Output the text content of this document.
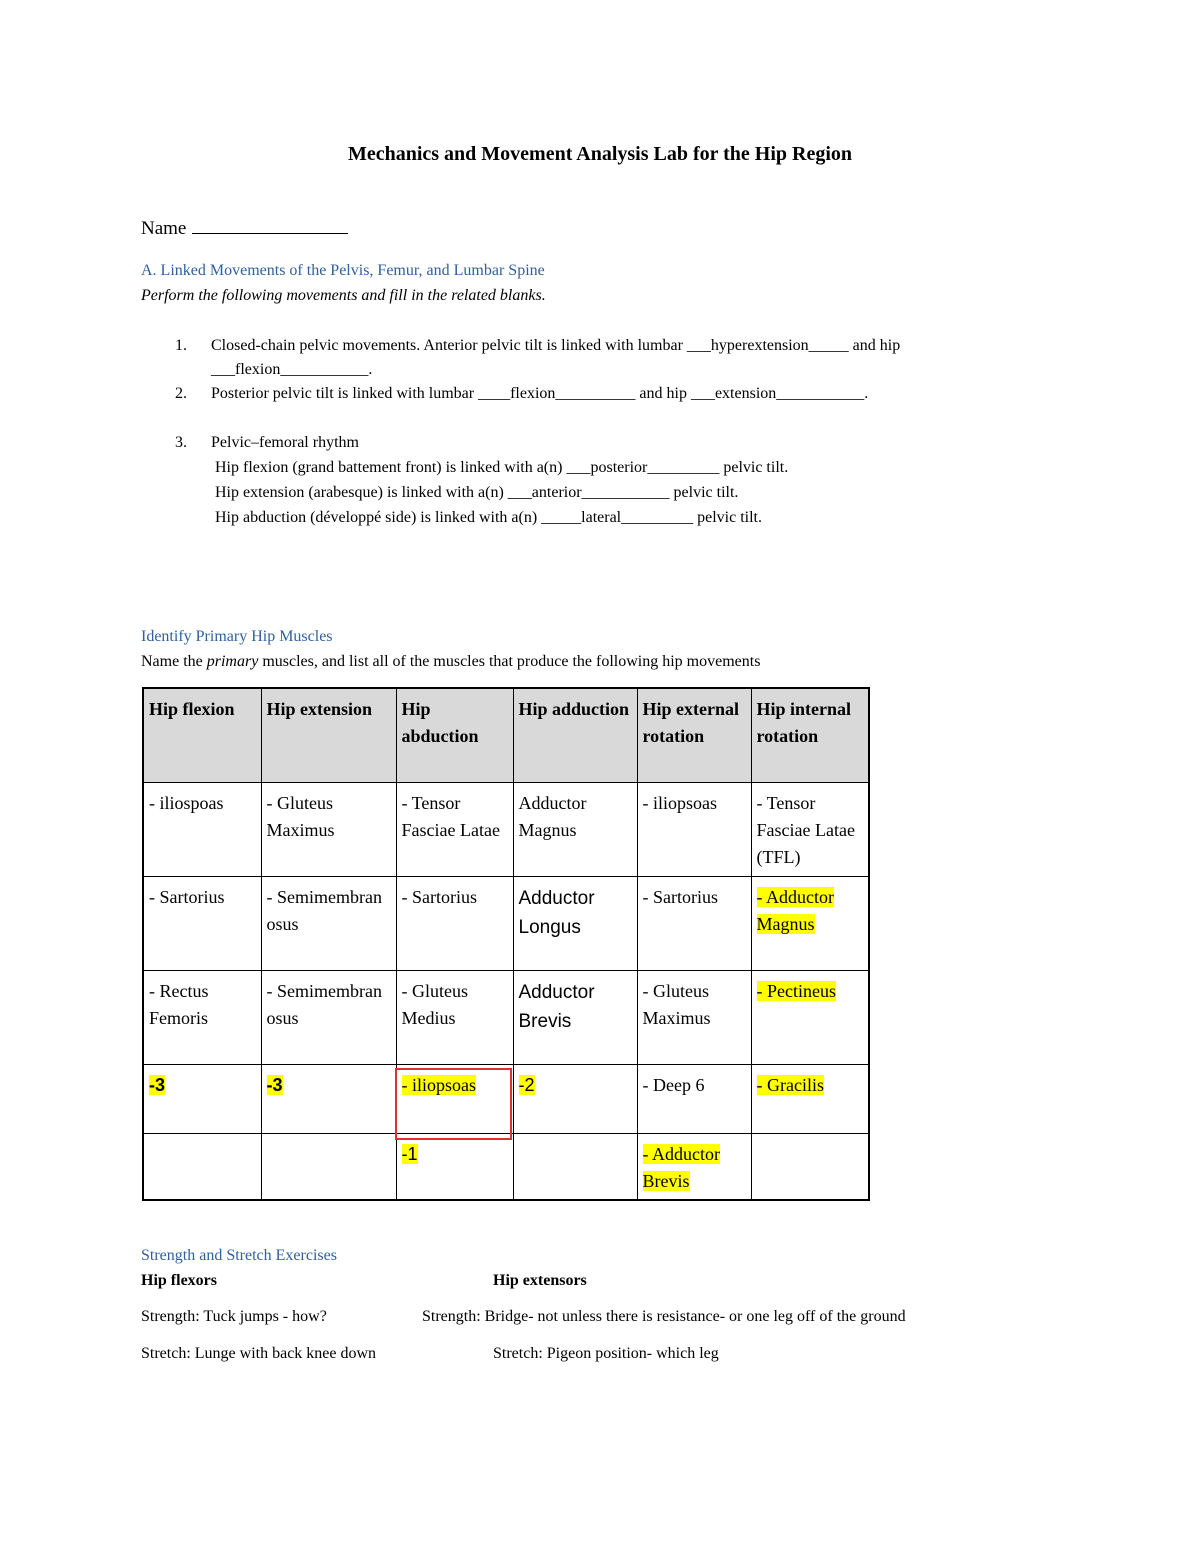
Mechanics and Movement Analysis Lab for the Hip Region
Name
A. Linked Movements of the Pelvis, Femur, and Lumbar Spine
Perform the following movements and fill in the related blanks.
1. Closed-chain pelvic movements. Anterior pelvic tilt is linked with lumbar ___hyperextension_____ and hip
___flexion___________.
2. Posterior pelvic tilt is linked with lumbar ____flexion__________ and hip ___extension___________.
3. Pelvic–femoral rhythm
Hip flexion (grand battement front) is linked with a(n) ___posterior_________ pelvic tilt.
Hip extension (arabesque) is linked with a(n) ___anterior___________ pelvic tilt.
Hip abduction (développé side) is linked with a(n) _____lateral_________ pelvic tilt.
Identify Primary Hip Muscles
Name the primary muscles, and list all of the muscles that produce the following hip movements
Hip flexion	Hip extension	Hip abduction	Hip adduction	Hip external rotation	Hip internal rotation
- iliospoas	- Gluteus Maximus	- Tensor Fasciae Latae	Adductor Magnus	- iliopsoas	- Tensor Fasciae Latae (TFL)
- Sartorius	- Semimembranosus	- Sartorius	Adductor Longus	- Sartorius	- Adductor Magnus
- Rectus Femoris	- Semimembranosus	- Gluteus Medius	Adductor Brevis	- Gluteus Maximus	- Pectineus
-3	-3	- iliopsoas	-2	- Deep 6	- Gracilis
		-1		- Adductor Brevis	
Strength and Stretch Exercises
Hip flexors	Hip extensors
Strength: Tuck jumps - how?	Strength: Bridge- not unless there is resistance- or one leg off of the ground
Stretch: Lunge with back knee down	Stretch: Pigeon position- which leg
